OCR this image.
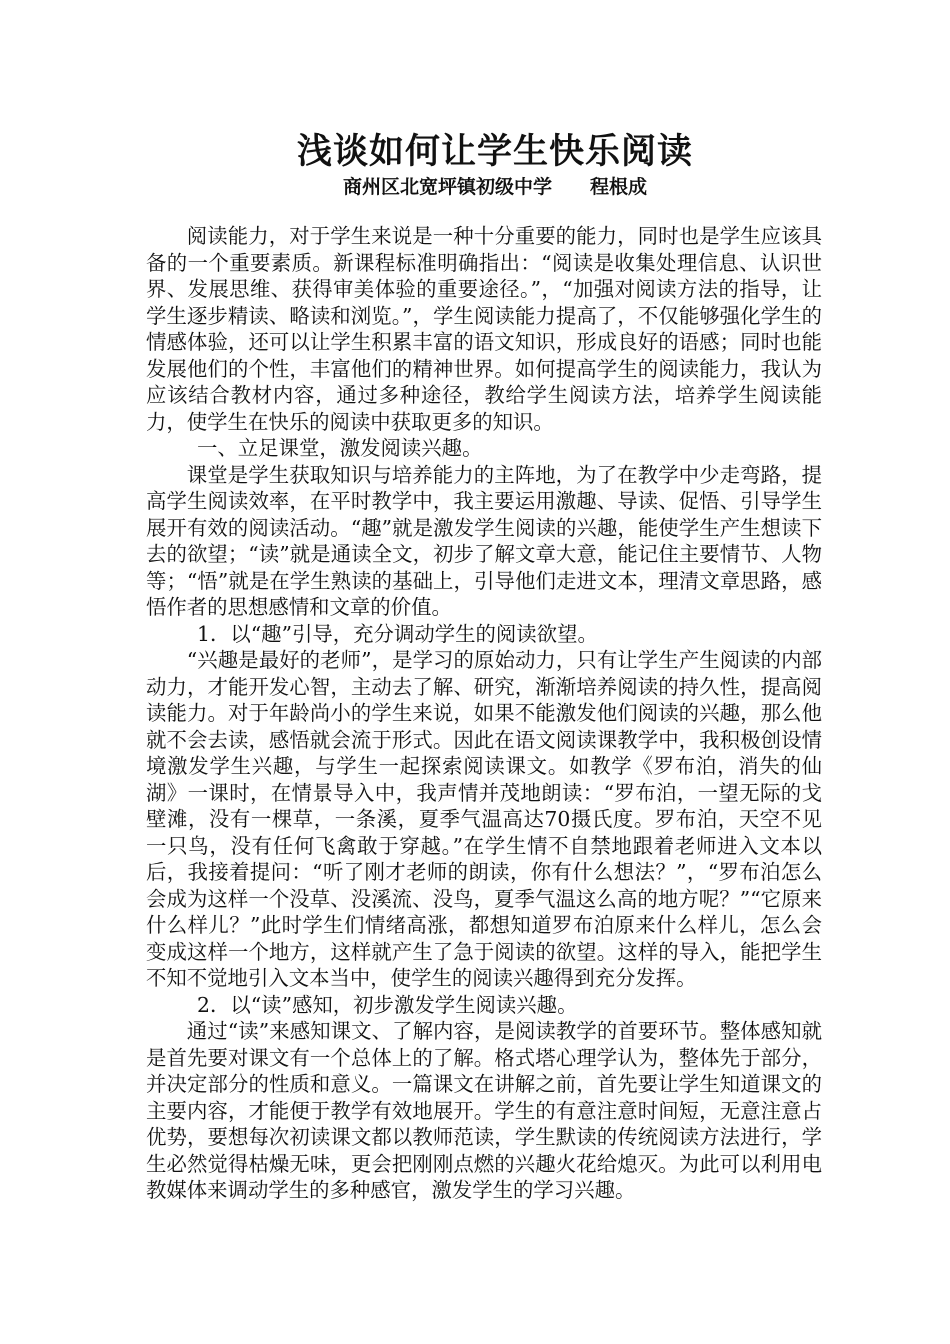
浅谈如何让学生快乐阅读
商州区北宽坪镇初级中学 程根成

阅读能力，对于学生来说是一种十分重要的能力，同时也是学生应该具备的一个重要素质。新课程标准明确指出：“阅读是收集处理信息、认识世界、发展思维、获得审美体验的重要途径。”，“加强对阅读方法的指导，让学生逐步精读、略读和浏览。”，学生阅读能力提高了，不仅能够强化学生的情感体验，还可以让学生积累丰富的语文知识，形成良好的语感；同时也能发展他们的个性，丰富他们的精神世界。如何提高学生的阅读能力，我认为应该结合教材内容，通过多种途径，教给学生阅读方法，培养学生阅读能力，使学生在快乐的阅读中获取更多的知识。

一、立足课堂，激发阅读兴趣。

课堂是学生获取知识与培养能力的主阵地，为了在教学中少走弯路，提高学生阅读效率，在平时教学中，我主要运用激趣、导读、促悟、引导学生展开有效的阅读活动。“趣”就是激发学生阅读的兴趣，能使学生产生想读下去的欲望；“读”就是通读全文，初步了解文章大意，能记住主要情节、人物等；“悟”就是在学生熟读的基础上，引导他们走进文本，理清文章思路，感悟作者的思想感情和文章的价值。

1．以“趣”引导，充分调动学生的阅读欲望。

“兴趣是最好的老师”，是学习的原始动力，只有让学生产生阅读的内部动力，才能开发心智，主动去了解、研究，渐渐培养阅读的持久性，提高阅读能力。对于年龄尚小的学生来说，如果不能激发他们阅读的兴趣，那么他就不会去读，感悟就会流于形式。因此在语文阅读课教学中，我积极创设情境激发学生兴趣，与学生一起探索阅读课文。如教学《罗布泊，消失的仙湖》一课时，在情景导入中，我声情并茂地朗读：“罗布泊，一望无际的戈壁滩，没有一棵草，一条溪，夏季气温高达70摄氏度。罗布泊，天空不见一只鸟，没有任何飞禽敢于穿越。”在学生情不自禁地跟着老师进入文本以后，我接着提问：“听了刚才老师的朗读，你有什么想法？”，“罗布泊怎么会成为这样一个没草、没溪流、没鸟，夏季气温这么高的地方呢？”“它原来什么样儿？”此时学生们情绪高涨，都想知道罗布泊原来什么样儿，怎么会变成这样一个地方，这样就产生了急于阅读的欲望。这样的导入，能把学生不知不觉地引入文本当中，使学生的阅读兴趣得到充分发挥。

2．以“读”感知，初步激发学生阅读兴趣。

通过“读”来感知课文、了解内容，是阅读教学的首要环节。整体感知就是首先要对课文有一个总体上的了解。格式塔心理学认为，整体先于部分，并决定部分的性质和意义。一篇课文在讲解之前，首先要让学生知道课文的主要内容，才能便于教学有效地展开。学生的有意注意时间短，无意注意占优势，要想每次初读课文都以教师范读，学生默读的传统阅读方法进行，学生必然觉得枯燥无味，更会把刚刚点燃的兴趣火花给熄灭。为此可以利用电教媒体来调动学生的多种感官，激发学生的学习兴趣。
